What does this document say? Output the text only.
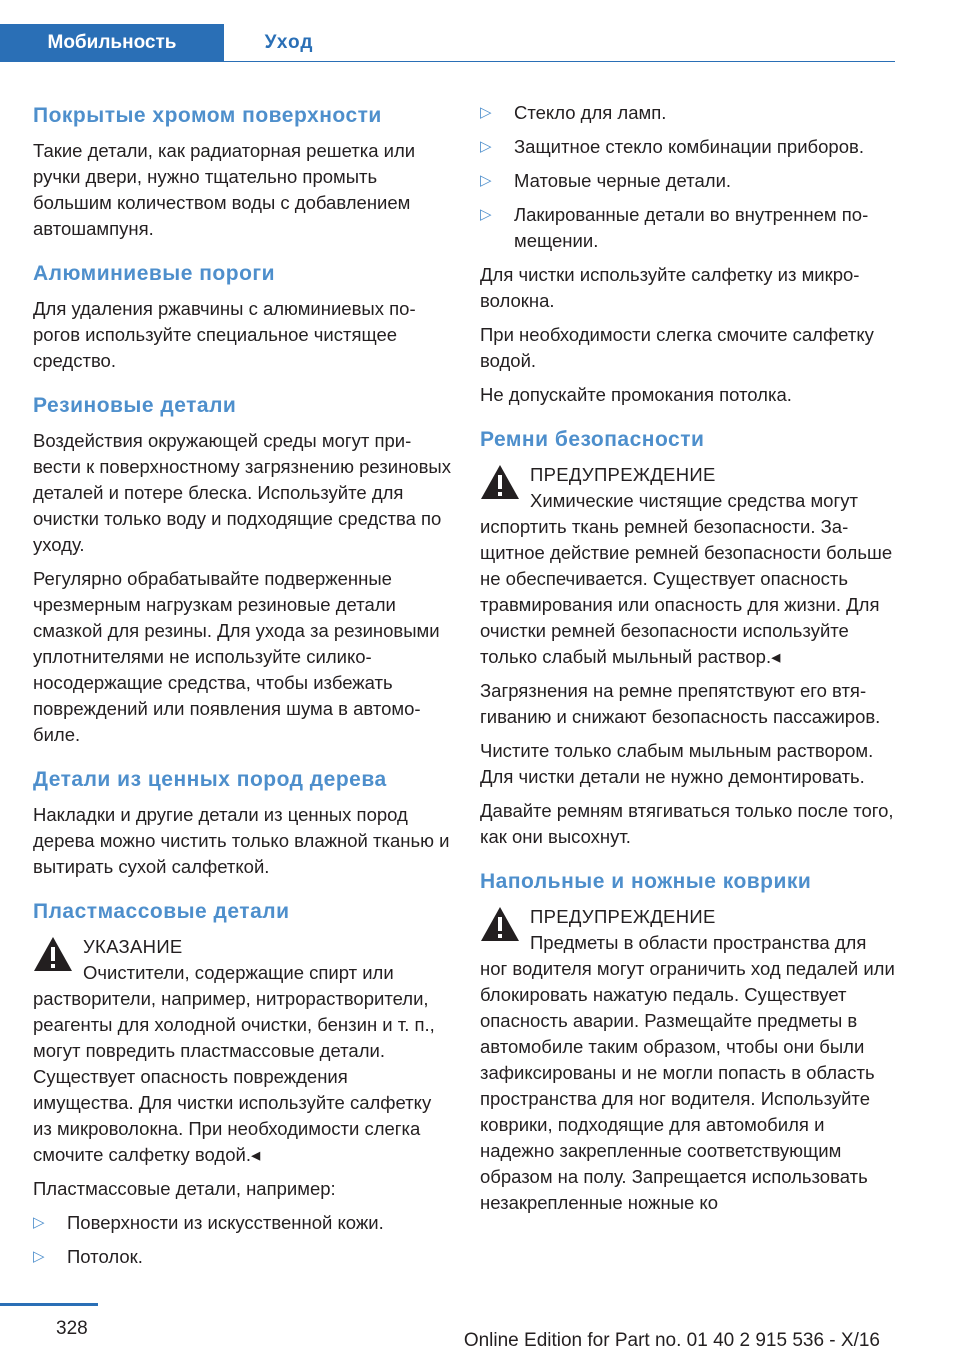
Мобильность	Уход
Покрытые хромом поверхности

Такие детали, как радиаторная решетка или ручки двери, нужно тщательно промыть большим количеством воды с добавлением автошампуня.

Алюминиевые пороги

Для удаления ржавчины с алюминиевых порогов используйте специальное чистящее средство.

Резиновые детали

Воздействия окружающей среды могут привести к поверхностному загрязнению резиновых деталей и потере блеска. Используйте для очистки только воду и подходящие средства по уходу.

Регулярно обрабатывайте подверженные чрезмерным нагрузкам резиновые детали смазкой для резины. Для ухода за резиновыми уплотнителями не используйте силиконосодержащие средства, чтобы избежать повреждений или появления шума в автомобиле.

Детали из ценных пород дерева

Накладки и другие детали из ценных пород дерева можно чистить только влажной тканью и вытирать сухой салфеткой.

Пластмассовые детали

УКАЗАНИЕ

Очистители, содержащие спирт или растворители, например, нитрорастворители, реагенты для холодной очистки, бензин и т. п., могут повредить пластмассовые детали. Существует опасность повреждения имущества. Для чистки используйте салфетку из микроволокна. При необходимости слегка смочите салфетку водой.◂

Пластмассовые детали, например:

▷ Поверхности из искусственной кожи.
▷ Потолок.
▷ Стекло для ламп.
▷ Защитное стекло комбинации приборов.
▷ Матовые черные детали.
▷ Лакированные детали во внутреннем помещении.

Для чистки используйте салфетку из микроволокна.

При необходимости слегка смочите салфетку водой.

Не допускайте промокания потолка.

Ремни безопасности

ПРЕДУПРЕЖДЕНИЕ

Химические чистящие средства могут испортить ткань ремней безопасности. Защитное действие ремней безопасности больше не обеспечивается. Существует опасность травмирования или опасность для жизни. Для очистки ремней безопасности используйте только слабый мыльный раствор.◂

Загрязнения на ремне препятствуют его втягиванию и снижают безопасность пассажиров.

Чистите только слабым мыльным раствором. Для чистки детали не нужно демонтировать.

Давайте ремням втягиваться только после того, как они высохнут.

Напольные и ножные коврики

ПРЕДУПРЕЖДЕНИЕ

Предметы в области пространства для ног водителя могут ограничить ход педалей или блокировать нажатую педаль. Существует опасность аварии. Размещайте предметы в автомобиле таким образом, чтобы они были зафиксированы и не могли попасть в область пространства для ног водителя. Используйте коврики, подходящие для автомобиля и надежно закрепленные соответствующим образом на полу. Запрещается использовать незакрепленные ножные ко

328
Online Edition for Part no. 01 40 2 915 536 - X/16
